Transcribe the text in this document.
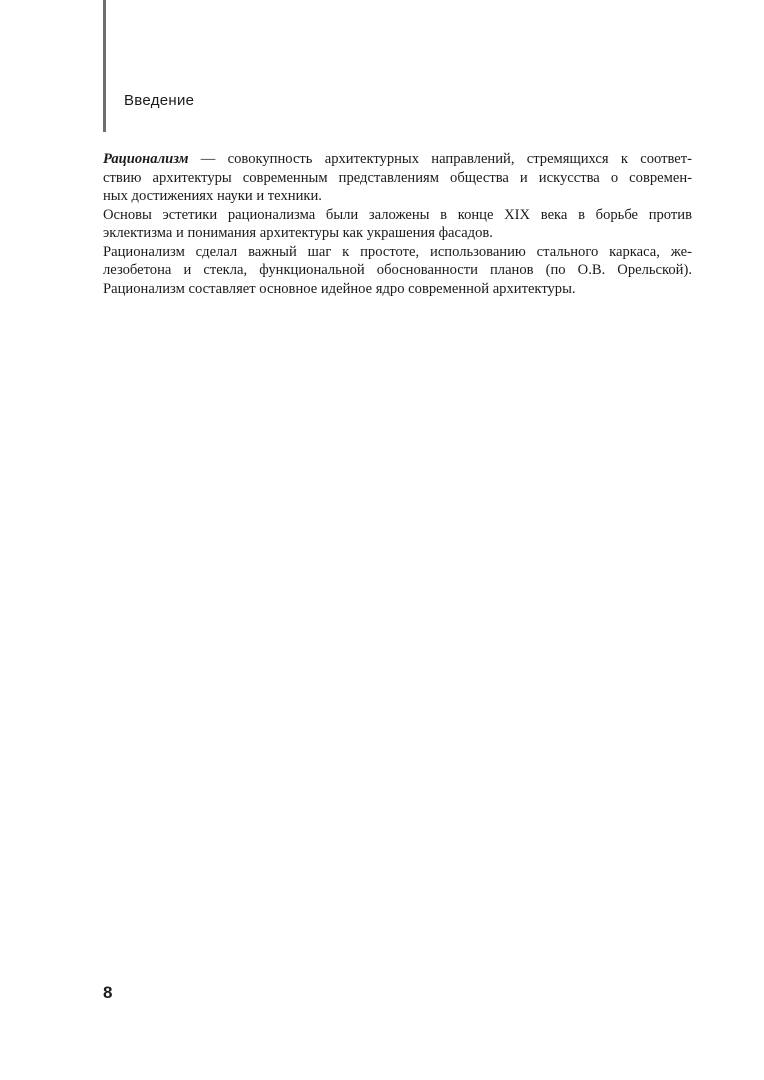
Введение

Рационализм — совокупность архитектурных направлений, стремящихся к соответ-
ствию архитектуры современным представлениям общества и искусства о современ-
ных достижениях науки и техники.

Основы эстетики рационализма были заложены в конце XIX века в борьбе против
эклектизма и понимания архитектуры как украшения фасадов.

Рационализм сделал важный шаг к простоте, использованию стального каркаса, же-
лезобетона и стекла, функциональной обоснованности планов (по О.В. Орельской).
Рационализм составляет основное идейное ядро современной архитектуры.

8
